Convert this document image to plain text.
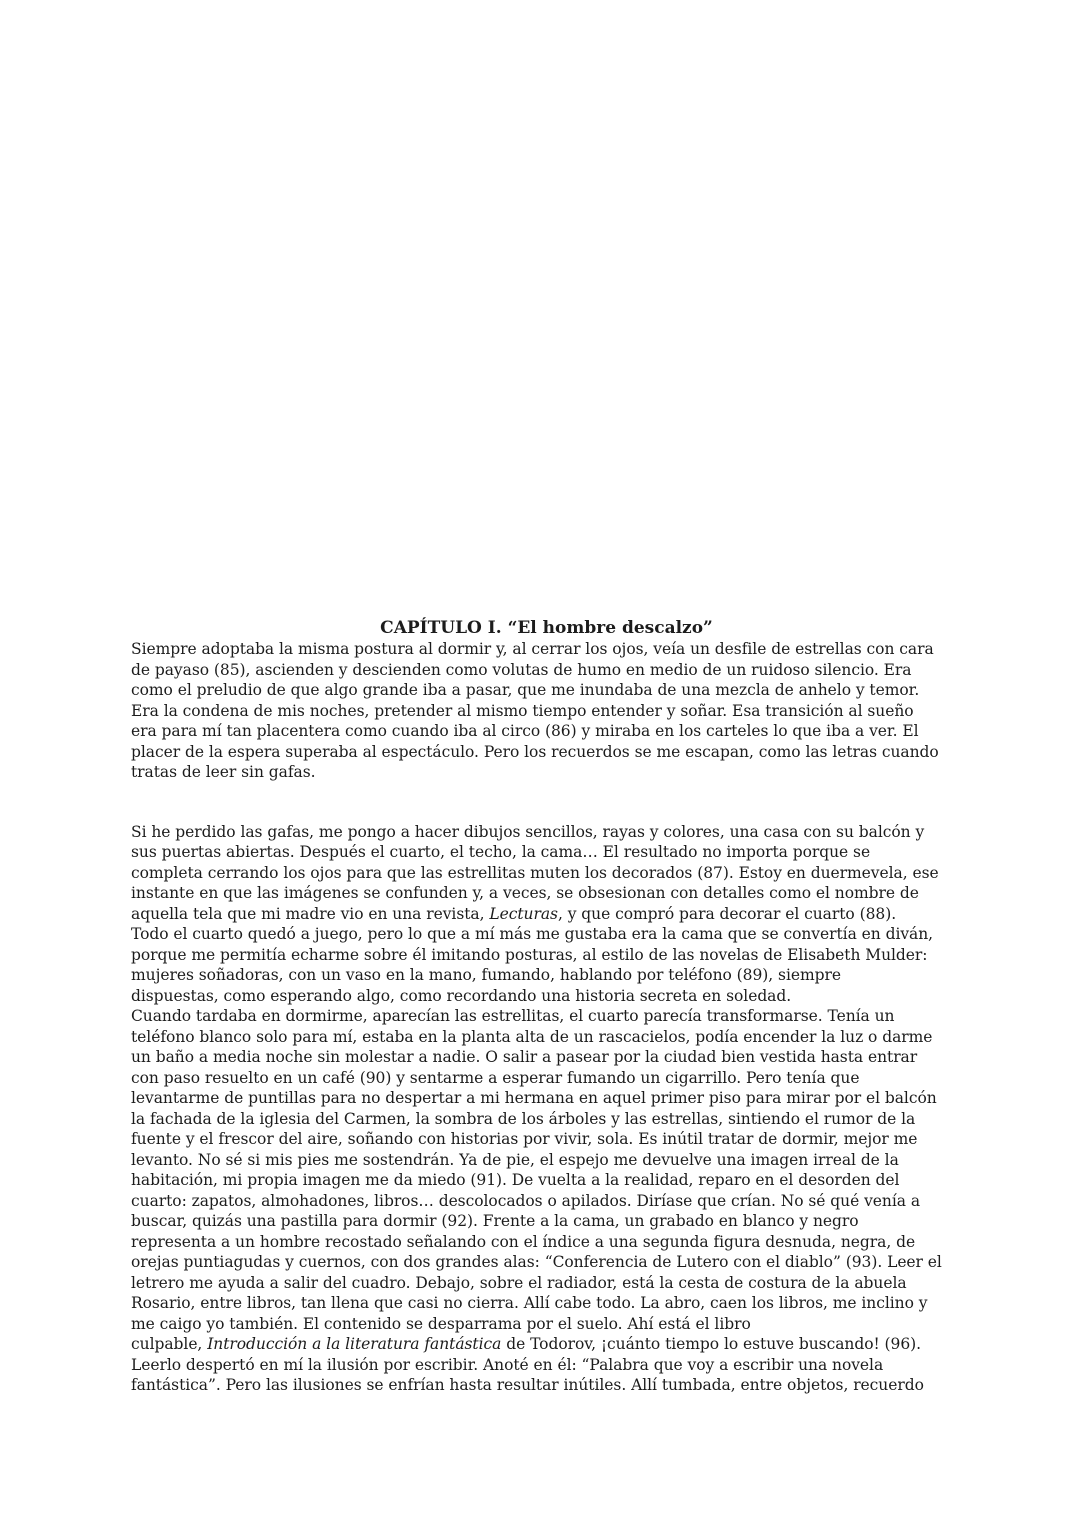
CAPÍTULO I. “El hombre descalzo”

Siempre adoptaba la misma postura al dormir y, al cerrar los ojos, veía un desfile de estrellas con cara
de payaso (85), ascienden y descienden como volutas de humo en medio de un ruidoso silencio. Era
como el preludio de que algo grande iba a pasar, que me inundaba de una mezcla de anhelo y temor.
Era la condena de mis noches, pretender al mismo tiempo entender y soñar. Esa transición al sueño
era para mí tan placentera como cuando iba al circo (86) y miraba en los carteles lo que iba a ver. El
placer de la espera superaba al espectáculo. Pero los recuerdos se me escapan, como las letras cuando
tratas de leer sin gafas.
Si he perdido las gafas, me pongo a hacer dibujos sencillos, rayas y colores, una casa con su balcón y
sus puertas abiertas. Después el cuarto, el techo, la cama… El resultado no importa porque se
completa cerrando los ojos para que las estrellitas muten los decorados (87). Estoy en duermevela, ese
instante en que las imágenes se confunden y, a veces, se obsesionan con detalles como el nombre de
aquella tela que mi madre vio en una revista, Lecturas, y que compró para decorar el cuarto (88).
Todo el cuarto quedó a juego, pero lo que a mí más me gustaba era la cama que se convertía en diván,
porque me permitía echarme sobre él imitando posturas, al estilo de las novelas de Elisabeth Mulder:
mujeres soñadoras, con un vaso en la mano, fumando, hablando por teléfono (89), siempre
dispuestas, como esperando algo, como recordando una historia secreta en soledad.
Cuando tardaba en dormirme, aparecían las estrellitas, el cuarto parecía transformarse. Tenía un
teléfono blanco solo para mí, estaba en la planta alta de un rascacielos, podía encender la luz o darme
un baño a media noche sin molestar a nadie. O salir a pasear por la ciudad bien vestida hasta entrar
con paso resuelto en un café (90) y sentarme a esperar fumando un cigarrillo. Pero tenía que
levantarme de puntillas para no despertar a mi hermana en aquel primer piso para mirar por el balcón
la fachada de la iglesia del Carmen, la sombra de los árboles y las estrellas, sintiendo el rumor de la
fuente y el frescor del aire, soñando con historias por vivir, sola. Es inútil tratar de dormir, mejor me
levanto. No sé si mis pies me sostendrán. Ya de pie, el espejo me devuelve una imagen irreal de la
habitación, mi propia imagen me da miedo (91). De vuelta a la realidad, reparo en el desorden del
cuarto: zapatos, almohadones, libros… descolocados o apilados. Diríase que crían. No sé qué venía a
buscar, quizás una pastilla para dormir (92). Frente a la cama, un grabado en blanco y negro
representa a un hombre recostado señalando con el índice a una segunda figura desnuda, negra, de
orejas puntiagudas y cuernos, con dos grandes alas: “Conferencia de Lutero con el diablo” (93). Leer el
letrero me ayuda a salir del cuadro. Debajo, sobre el radiador, está la cesta de costura de la abuela
Rosario, entre libros, tan llena que casi no cierra. Allí cabe todo. La abro, caen los libros, me inclino y
me caigo yo también. El contenido se desparrama por el suelo. Ahí está el libro
culpable, Introducción a la literatura fantástica de Todorov, ¡cuánto tiempo lo estuve buscando! (96).
Leerlo despertó en mí la ilusión por escribir. Anoté en él: “Palabra que voy a escribir una novela
fantástica”. Pero las ilusiones se enfrían hasta resultar inútiles. Allí tumbada, entre objetos, recuerdo
